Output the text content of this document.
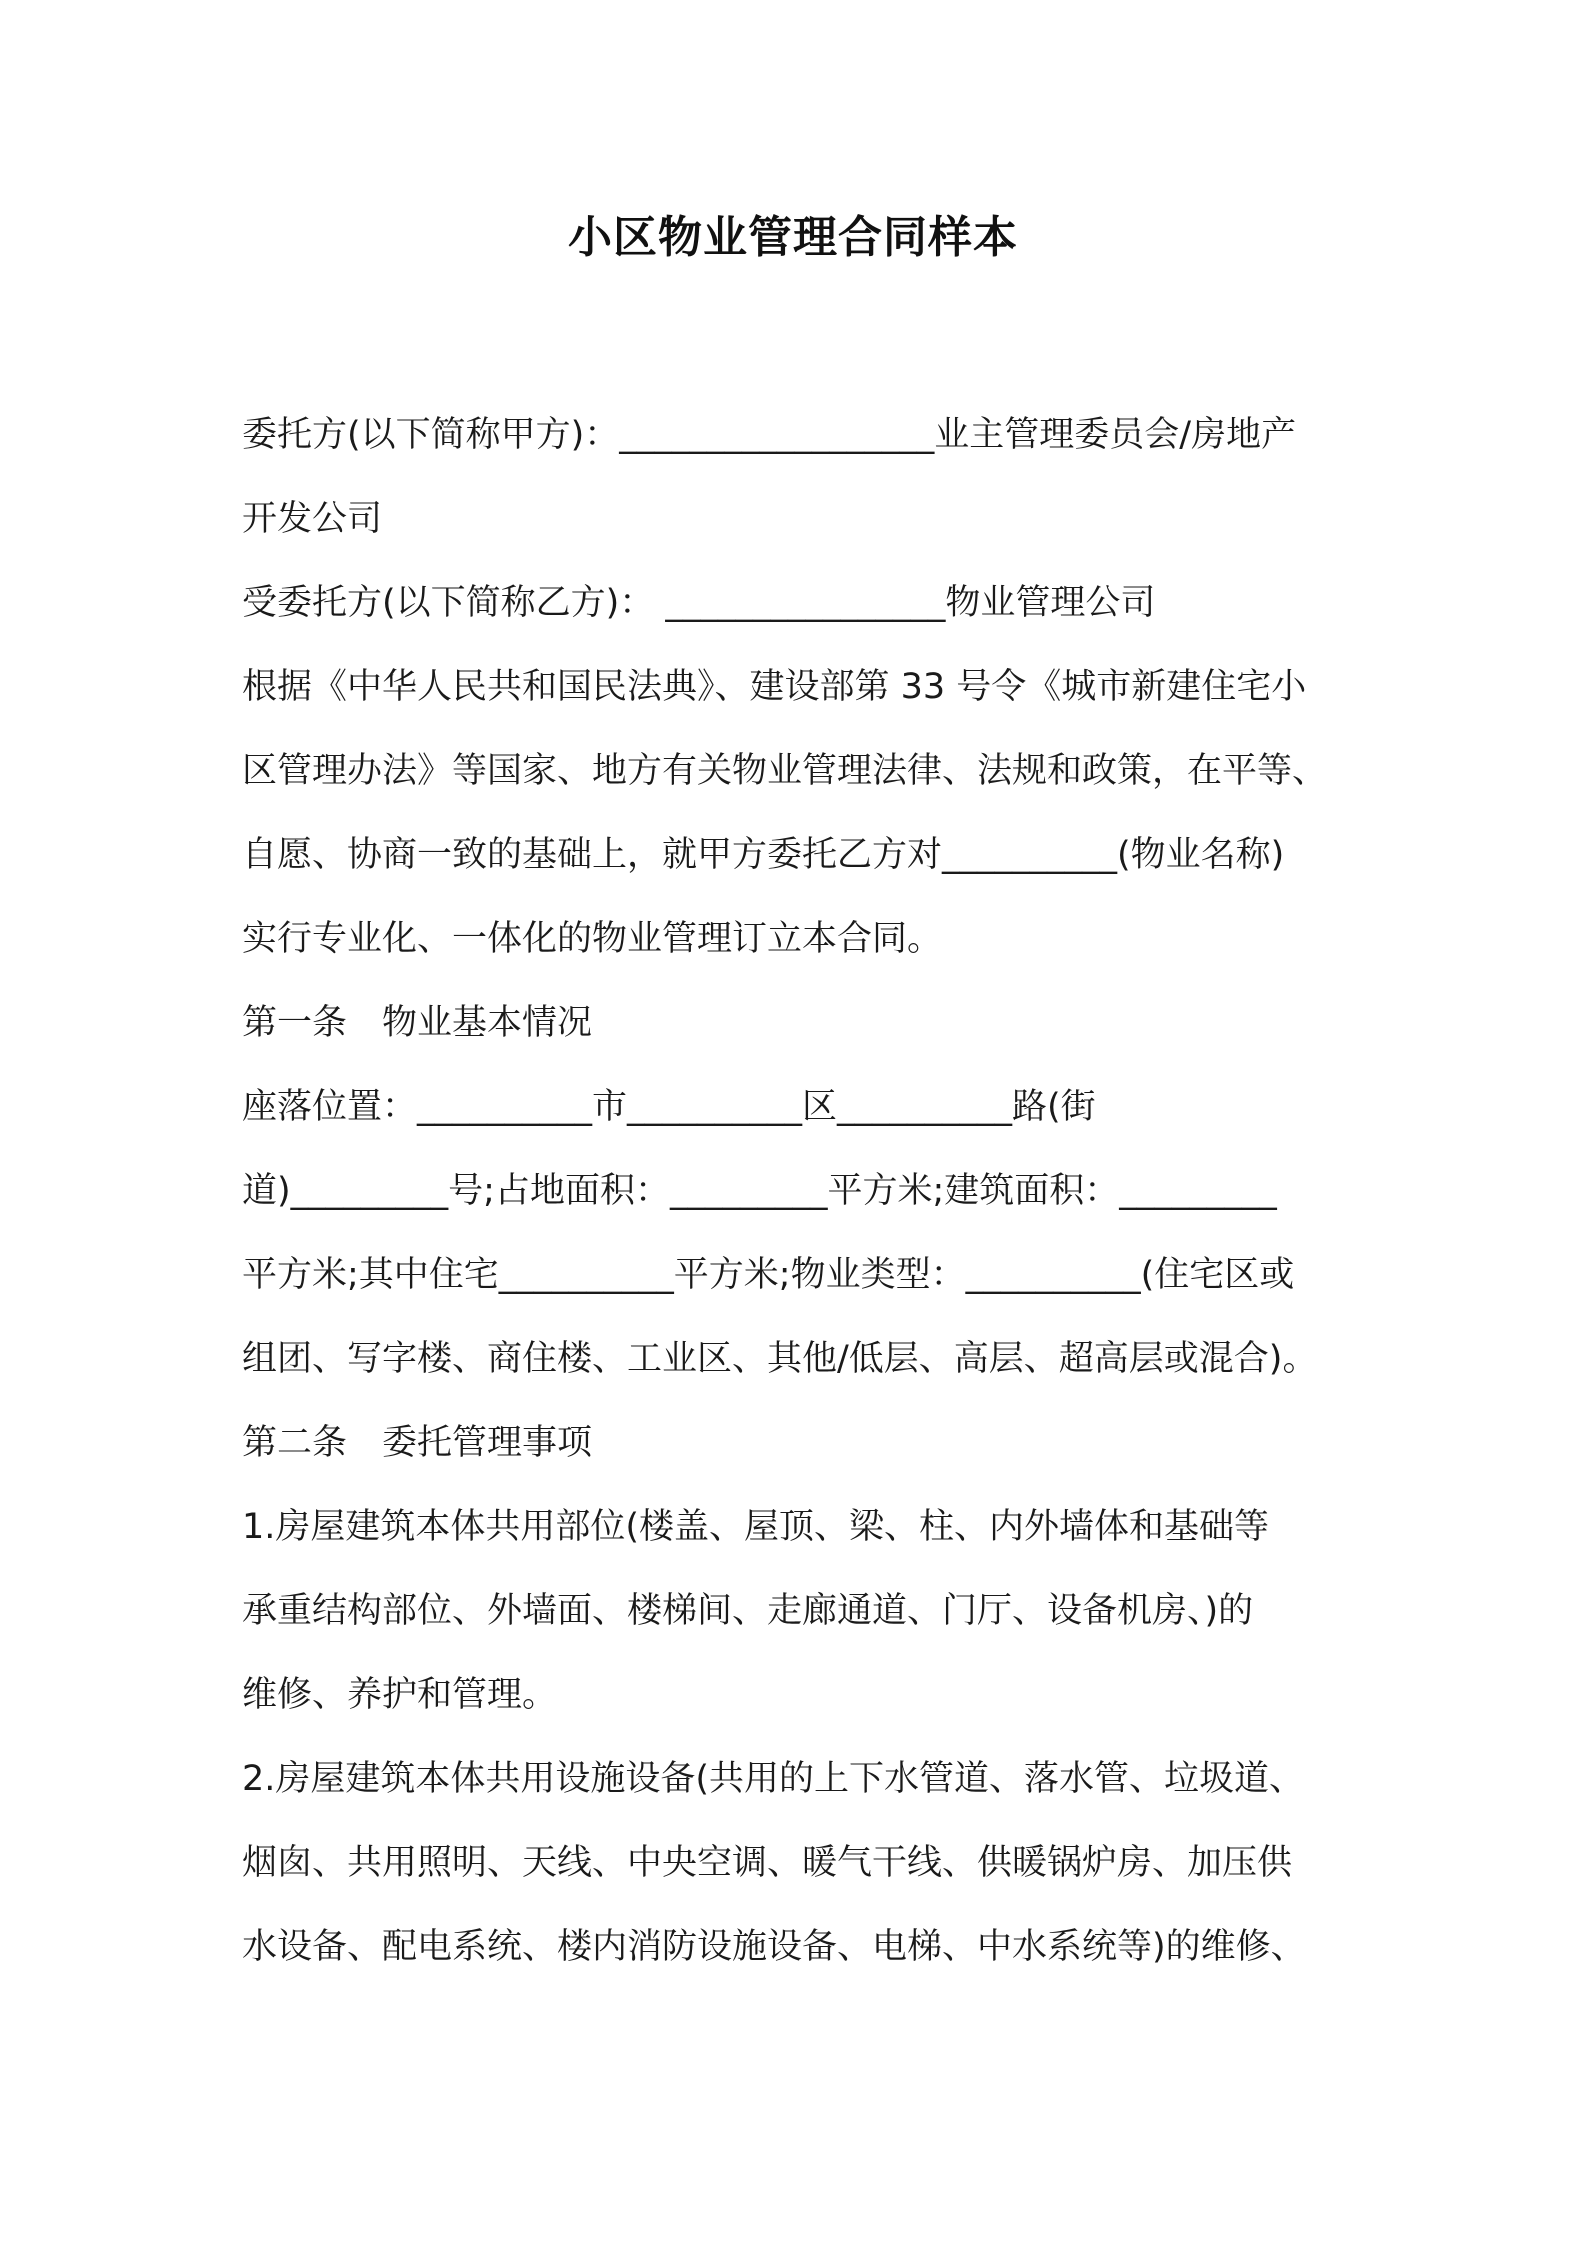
小区物业管理合同样本
委托方(以下简称甲方)：__________________业主管理委员会/房地产
开发公司
受委托方(以下简称乙方)： ________________物业管理公司
根据《中华人民共和国民法典》、建设部第 33 号令《城市新建住宅小
区管理办法》等国家、地方有关物业管理法律、法规和政策，在平等、
自愿、协商一致的基础上，就甲方委托乙方对__________(物业名称)
实行专业化、一体化的物业管理订立本合同。
第一条　物业基本情况
座落位置：__________市__________区__________路(街
道)_________号;占地面积：_________平方米;建筑面积：_________
平方米;其中住宅__________平方米;物业类型：__________(住宅区或
组团、写字楼、商住楼、工业区、其他/低层、高层、超高层或混合)。
第二条　委托管理事项
1.房屋建筑本体共用部位(楼盖、屋顶、梁、柱、内外墙体和基础等
承重结构部位、外墙面、楼梯间、走廊通道、门厅、设备机房、)的
维修、养护和管理。
2.房屋建筑本体共用设施设备(共用的上下水管道、落水管、垃圾道、
烟囱、共用照明、天线、中央空调、暖气干线、供暖锅炉房、加压供
水设备、配电系统、楼内消防设施设备、电梯、中水系统等)的维修、
